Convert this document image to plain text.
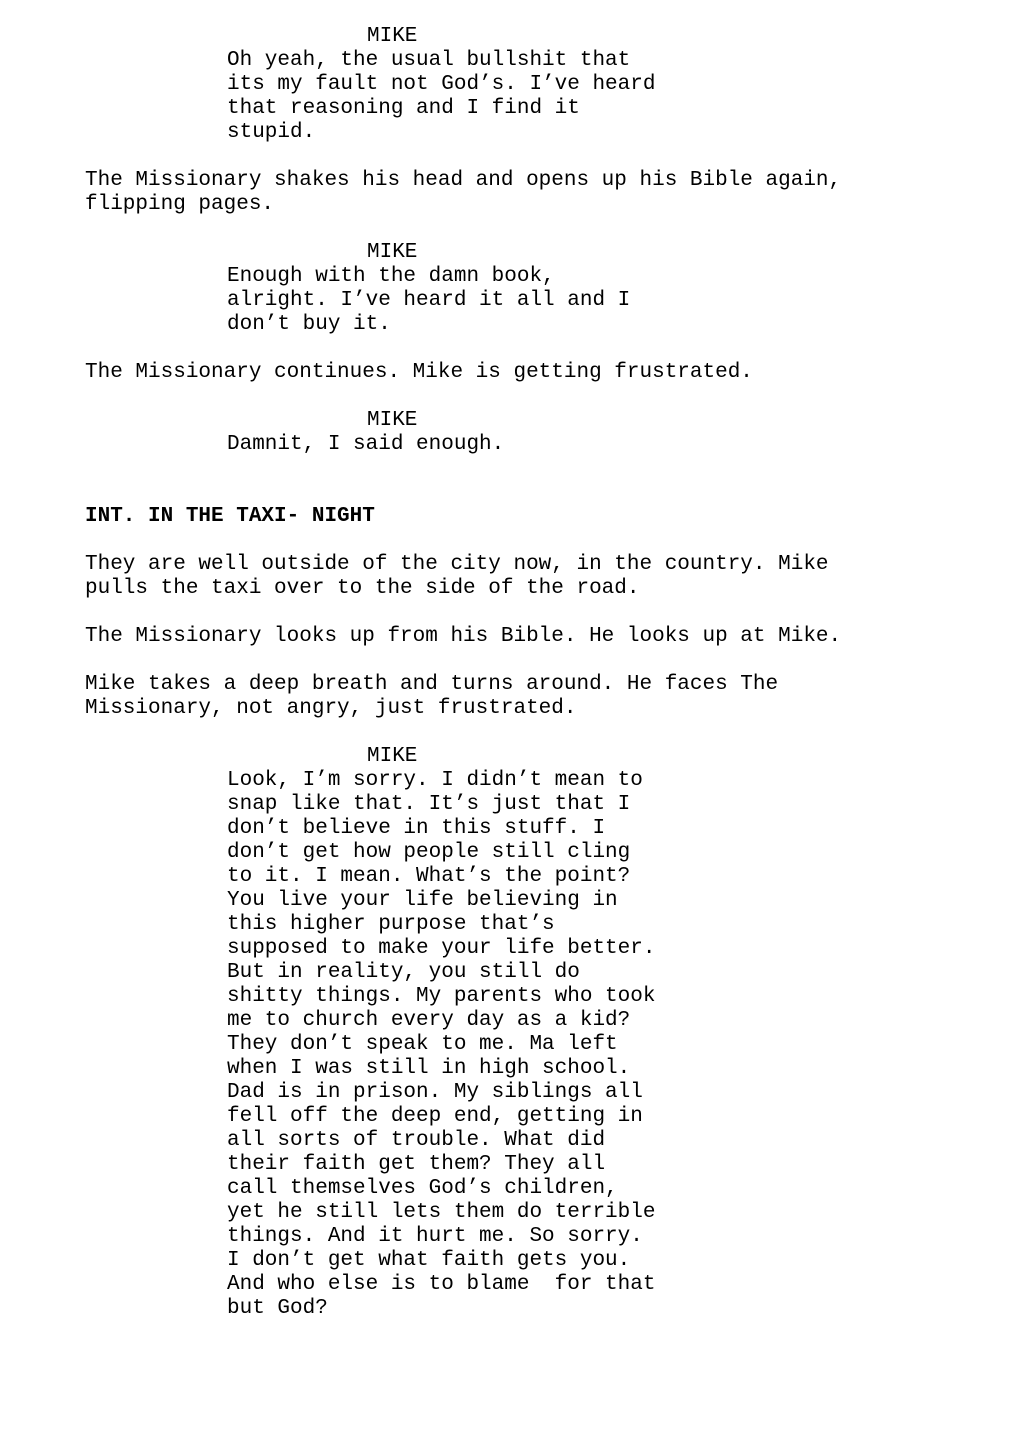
MIKE
Oh yeah, the usual bullshit that
its my fault not God’s. I’ve heard
that reasoning and I find it
stupid.
The Missionary shakes his head and opens up his Bible again,
flipping pages.
MIKE
Enough with the damn book,
alright. I’ve heard it all and I
don’t buy it.
The Missionary continues. Mike is getting frustrated.
MIKE
Damnit, I said enough.
INT. IN THE TAXI- NIGHT
They are well outside of the city now, in the country. Mike
pulls the taxi over to the side of the road.
The Missionary looks up from his Bible. He looks up at Mike.
Mike takes a deep breath and turns around. He faces The
Missionary, not angry, just frustrated.
MIKE
Look, I’m sorry. I didn’t mean to
snap like that. It’s just that I
don’t believe in this stuff. I
don’t get how people still cling
to it. I mean. What’s the point?
You live your life believing in
this higher purpose that’s
supposed to make your life better.
But in reality, you still do
shitty things. My parents who took
me to church every day as a kid?
They don’t speak to me. Ma left
when I was still in high school.
Dad is in prison. My siblings all
fell off the deep end, getting in
all sorts of trouble. What did
their faith get them? They all
call themselves God’s children,
yet he still lets them do terrible
things. And it hurt me. So sorry.
I don’t get what faith gets you.
And who else is to blame  for that
but God?
